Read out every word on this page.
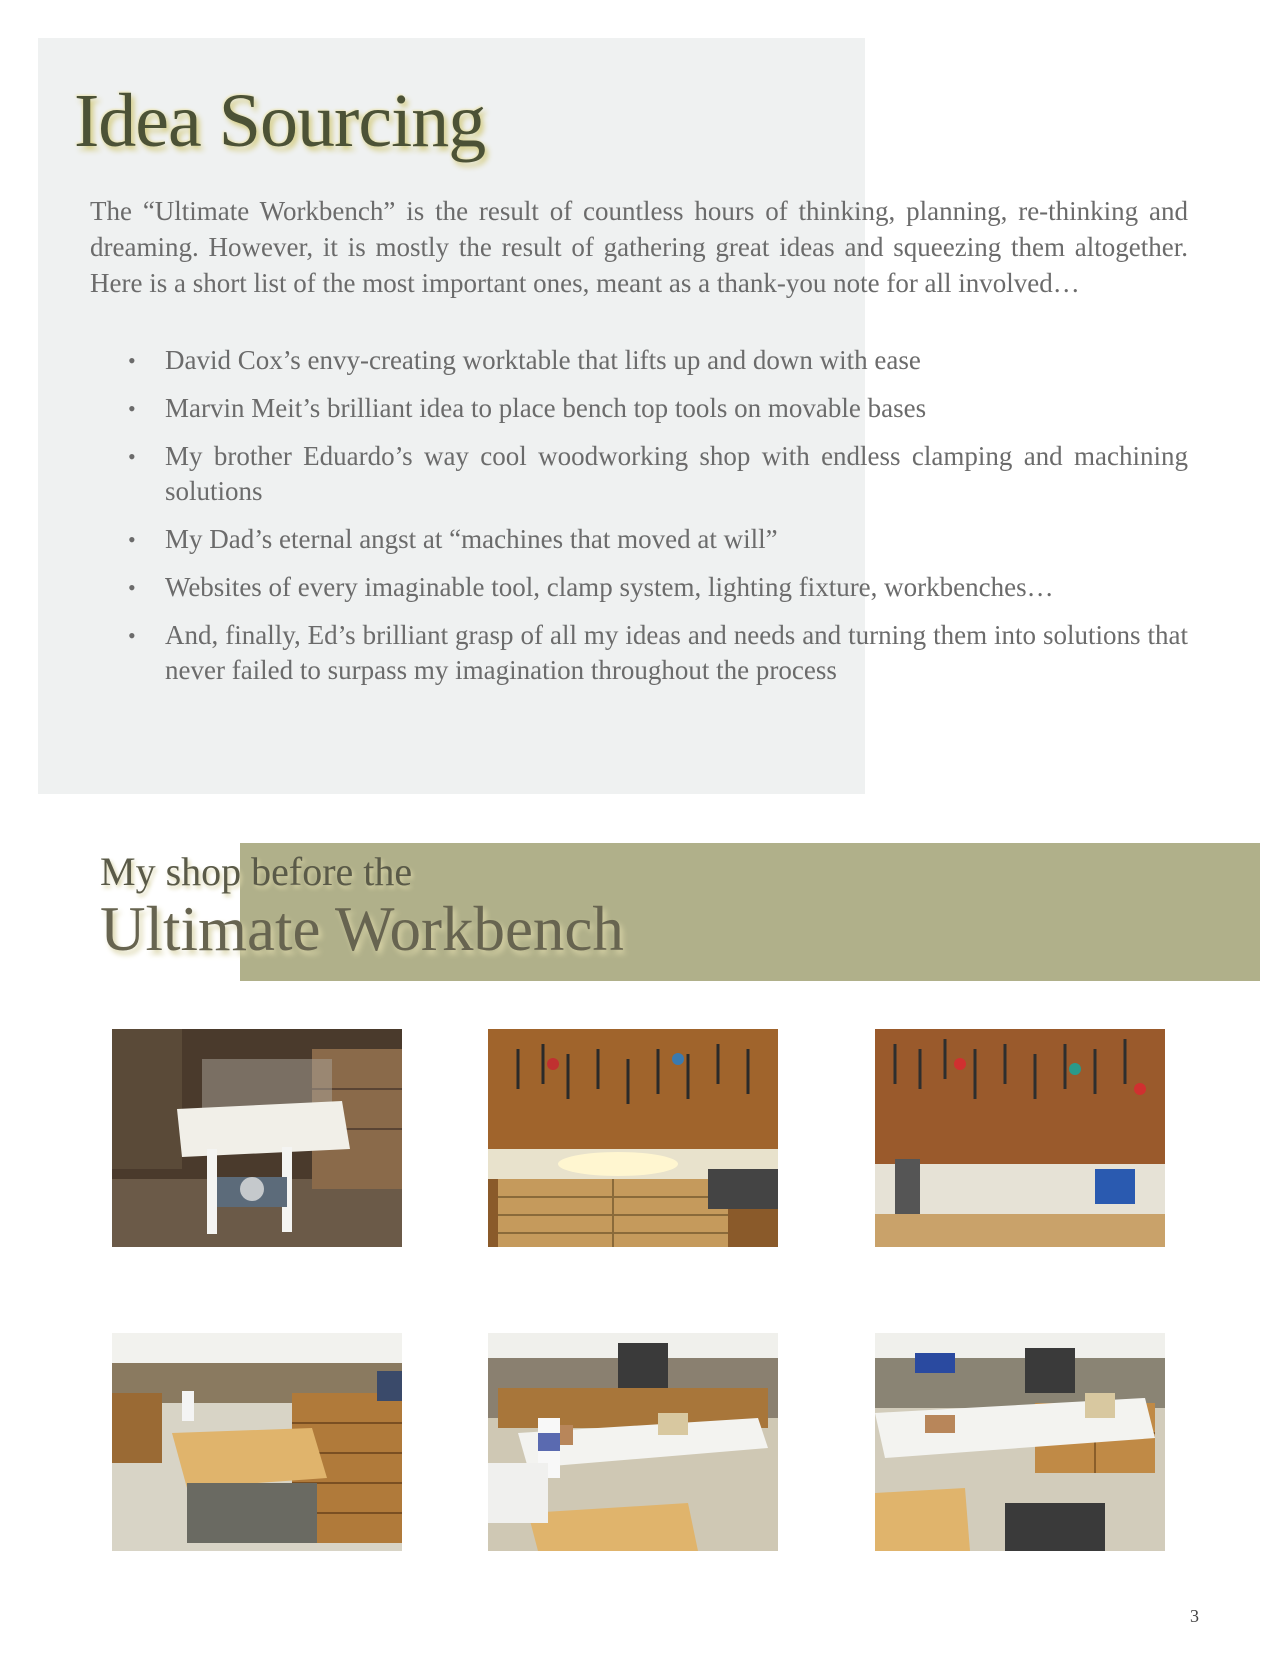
Idea Sourcing

The “Ultimate Workbench” is the result of countless hours of thinking, planning, re-thinking and dreaming. However, it is mostly the result of gathering great ideas and squeezing them altogether. Here is a short list of the most important ones, meant as a thank-you note for all involved…

• David Cox’s envy-creating worktable that lifts up and down with ease
• Marvin Meit’s brilliant idea to place bench top tools on movable bases
• My brother Eduardo’s way cool woodworking shop with endless clamping and machining solutions
• My Dad’s eternal angst at “machines that moved at will”
• Websites of every imaginable tool, clamp system, lighting fixture, workbenches…
• And, finally, Ed’s brilliant grasp of all my ideas and needs and turning them into solutions that never failed to surpass my imagination throughout the process
My shop before the
Ultimate Workbench
3
